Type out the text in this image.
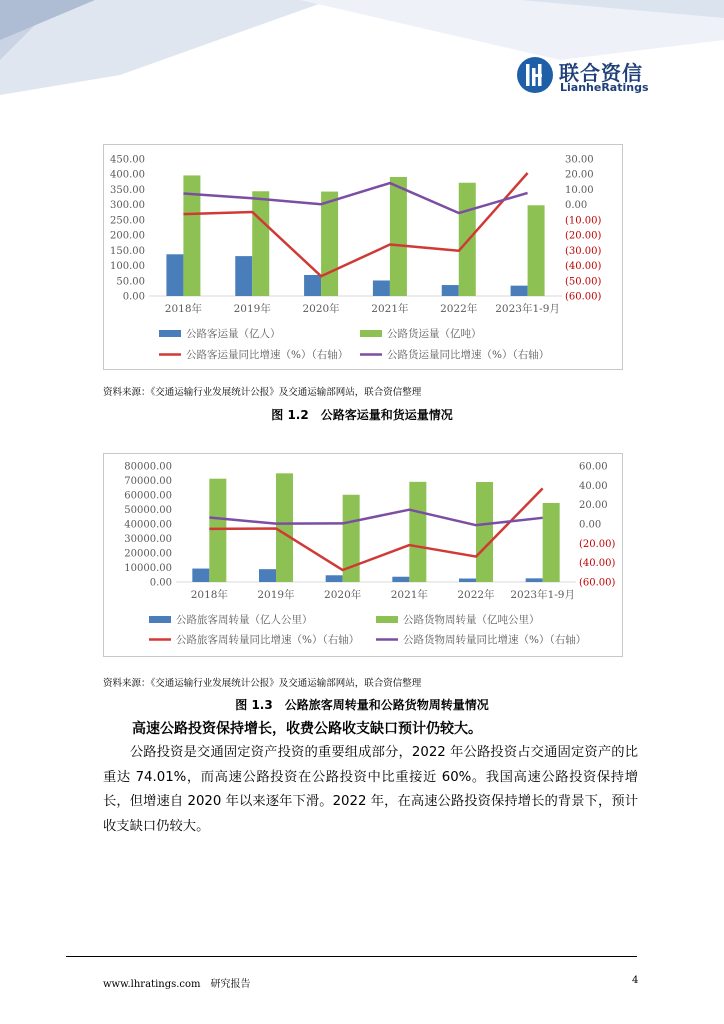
联合资信
LianheRatings
450.00
400.00
350.00
300.00
250.00
200.00
150.00
100.00
50.00
0.00
30.00
20.00
10.00
0.00
(10.00)
(20.00)
(30.00)
(40.00)
(50.00)
(60.00)
2018年	2019年	2020年	2021年	2022年 2023年1-9月
公路客运量（亿人）	公路货运量（亿吨）
公路客运量同比增速（%）（右轴）	公路货运量同比增速（%）（右轴）
资料来源：《交通运输行业发展统计公报》及交通运输部网站，联合资信整理
图 1.2　公路客运量和货运量情况
80000.00
70000.00
60000.00
50000.00
40000.00
30000.00
20000.00
10000.00
0.00
60.00
40.00
20.00
0.00
(20.00)
(40.00)
(60.00)
2018年	2019年	2020年	2021年	2022年 2023年1-9月
公路旅客周转量（亿人公里）	公路货物周转量（亿吨公里）
公路旅客周转量同比增速（%）（右轴）	公路货物周转量同比增速（%）（右轴）
资料来源：《交通运输行业发展统计公报》及交通运输部网站，联合资信整理
图 1.3　公路旅客周转量和公路货物周转量情况
高速公路投资保持增长，收费公路收支缺口预计仍较大。
　　公路投资是交通固定资产投资的重要组成部分，2022 年公路投资占交通固定资产的比重达 74.01%，而高速公路投资在公路投资中比重接近 60%。我国高速公路投资保持增长，但增速自 2020 年以来逐年下滑。2022 年，在高速公路投资保持增长的背景下，预计收支缺口仍较大。
www.lhratings.com　研究报告	4
